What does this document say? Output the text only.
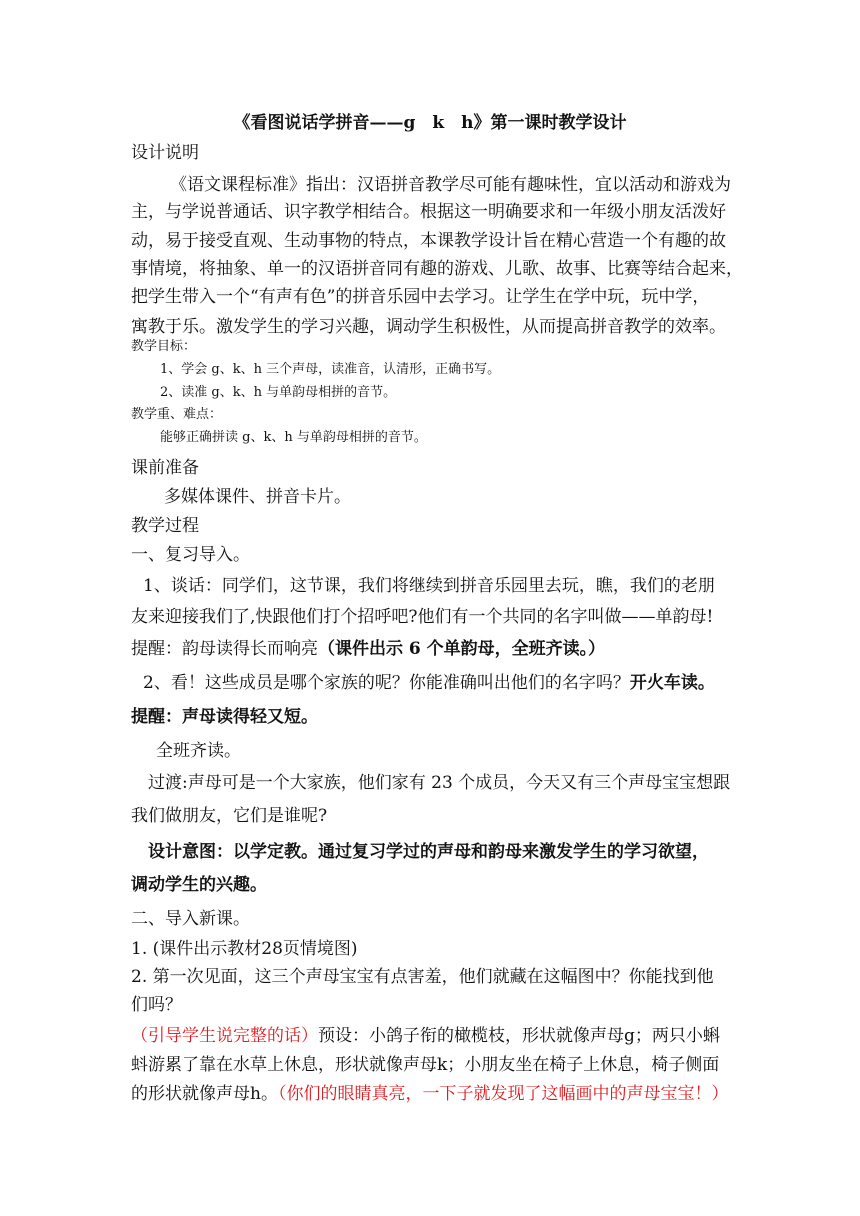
《看图说话学拼音——g　k　h》第一课时教学设计
设计说明
《语文课程标准》指出：汉语拼音教学尽可能有趣味性，宜以活动和游戏为
主，与学说普通话、识字教学相结合。根据这一明确要求和一年级小朋友活泼好
动，易于接受直观、生动事物的特点，本课教学设计旨在精心营造一个有趣的故
事情境，将抽象、单一的汉语拼音同有趣的游戏、儿歌、故事、比赛等结合起来，
把学生带入一个“有声有色”的拼音乐园中去学习。让学生在学中玩，玩中学，
寓教于乐。激发学生的学习兴趣，调动学生积极性，从而提高拼音教学的效率。
教学目标：
1、学会 g、k、h 三个声母，读准音，认清形，正确书写。
2、读准 g、k、h 与单韵母相拼的音节。
教学重、难点：
能够正确拼读 g、k、h 与单韵母相拼的音节。
课前准备
多媒体课件、拼音卡片。
教学过程
一、复习导入。
1、谈话：同学们，这节课，我们将继续到拼音乐园里去玩，瞧，我们的老朋
友来迎接我们了,快跟他们打个招呼吧?他们有一个共同的名字叫做——单韵母!
提醒：韵母读得长而响亮（课件出示 6 个单韵母，全班齐读。）
2、看！这些成员是哪个家族的呢？你能准确叫出他们的名字吗？开火车读。
提醒：声母读得轻又短。
全班齐读。
过渡:声母可是一个大家族，他们家有 23 个成员，今天又有三个声母宝宝想跟
我们做朋友，它们是谁呢?
设计意图：以学定教。通过复习学过的声母和韵母来激发学生的学习欲望，
调动学生的兴趣。
二、导入新课。
1. (课件出示教材28页情境图)
2. 第一次见面，这三个声母宝宝有点害羞，他们就藏在这幅图中？你能找到他
们吗？
（引导学生说完整的话）预设：小鸽子衔的橄榄枝，形状就像声母g；两只小蝌
蚪游累了靠在水草上休息，形状就像声母k；小朋友坐在椅子上休息，椅子侧面
的形状就像声母h。（你们的眼睛真亮，一下子就发现了这幅画中的声母宝宝！）
